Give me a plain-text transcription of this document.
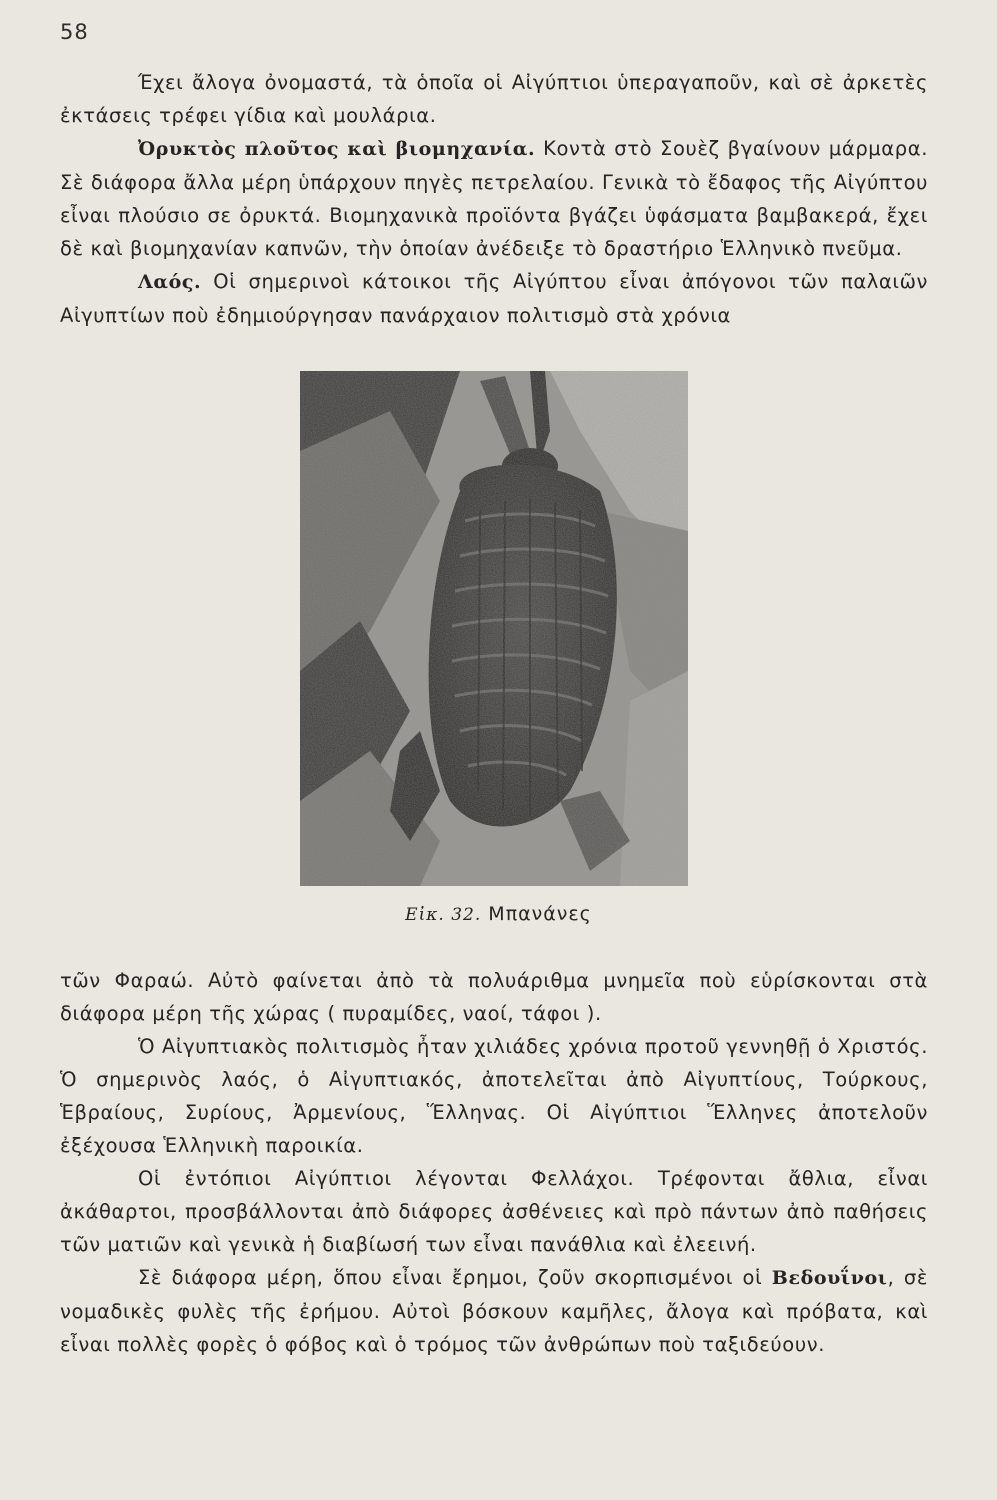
58

Έχει ἄλογα ὀνομαστά, τὰ ὁποῖα οἱ Αἰγύπτιοι ὑπεραγαποῦν, καὶ σὲ ἀρκετὲς ἐκτάσεις τρέφει γίδια καὶ μουλάρια.

Ὀρυκτὸς πλοῦτος καὶ βιομηχανία. Κοντὰ στὸ Σουὲζ βγαίνουν μάρμαρα. Σὲ διάφορα ἄλλα μέρη ὑπάρχουν πηγὲς πετρελαίου. Γενικὰ τὸ ἔδαφος τῆς Αἰγύπτου εἶναι πλούσιο σε ὀρυκτά. Βιομηχανικὰ προϊόντα βγάζει ὑφάσματα βαμβακερά, ἔχει δὲ καὶ βιομηχανίαν καπνῶν, τὴν ὁποίαν ἀνέδειξε τὸ δραστήριο Ἑλληνικὸ πνεῦμα.

Λαός. Οἱ σημερινοὶ κάτοικοι τῆς Αἰγύπτου εἶναι ἀπόγονοι τῶν παλαιῶν Αἰγυπτίων ποὺ ἐδημιούργησαν πανάρχαιον πολιτισμὸ στὰ χρόνια

Εἰκ. 32. Μπανάνες

τῶν Φαραώ. Αὐτὸ φαίνεται ἀπὸ τὰ πολυάριθμα μνημεῖα ποὺ εὑρίσκονται στὰ διάφορα μέρη τῆς χώρας ( πυραμίδες, ναοί, τάφοι ).

Ὁ Αἰγυπτιακὸς πολιτισμὸς ἦταν χιλιάδες χρόνια προτοῦ γεννηθῇ ὁ Χριστός. Ὁ σημερινὸς λαός, ὁ Αἰγυπτιακός, ἀποτελεῖται ἀπὸ Αἰγυπτίους, Τούρκους, Ἑβραίους, Συρίους, Ἀρμενίους, Ἕλληνας. Οἱ Αἰγύπτιοι Ἕλληνες ἀποτελοῦν ἐξέχουσα Ἑλληνικὴ παροικία.

Οἱ ἐντόπιοι Αἰγύπτιοι λέγονται Φελλάχοι. Τρέφονται ἄθλια, εἶναι ἀκάθαρτοι, προσβάλλονται ἀπὸ διάφορες ἀσθένειες καὶ πρὸ πάντων ἀπὸ παθήσεις τῶν ματιῶν καὶ γενικὰ ἡ διαβίωσή των εἶναι πανάθλια καὶ ἐλεεινή.

Σὲ διάφορα μέρη, ὅπου εἶναι ἔρημοι, ζοῦν σκορπισμένοι οἱ Βεδουΐνοι, σὲ νομαδικὲς φυλὲς τῆς ἐρήμου. Αὐτοὶ βόσκουν καμῆλες, ἄλογα καὶ πρόβατα, καὶ εἶναι πολλὲς φορὲς ὁ φόβος καὶ ὁ τρόμος τῶν ἀνθρώπων ποὺ ταξιδεύουν.
